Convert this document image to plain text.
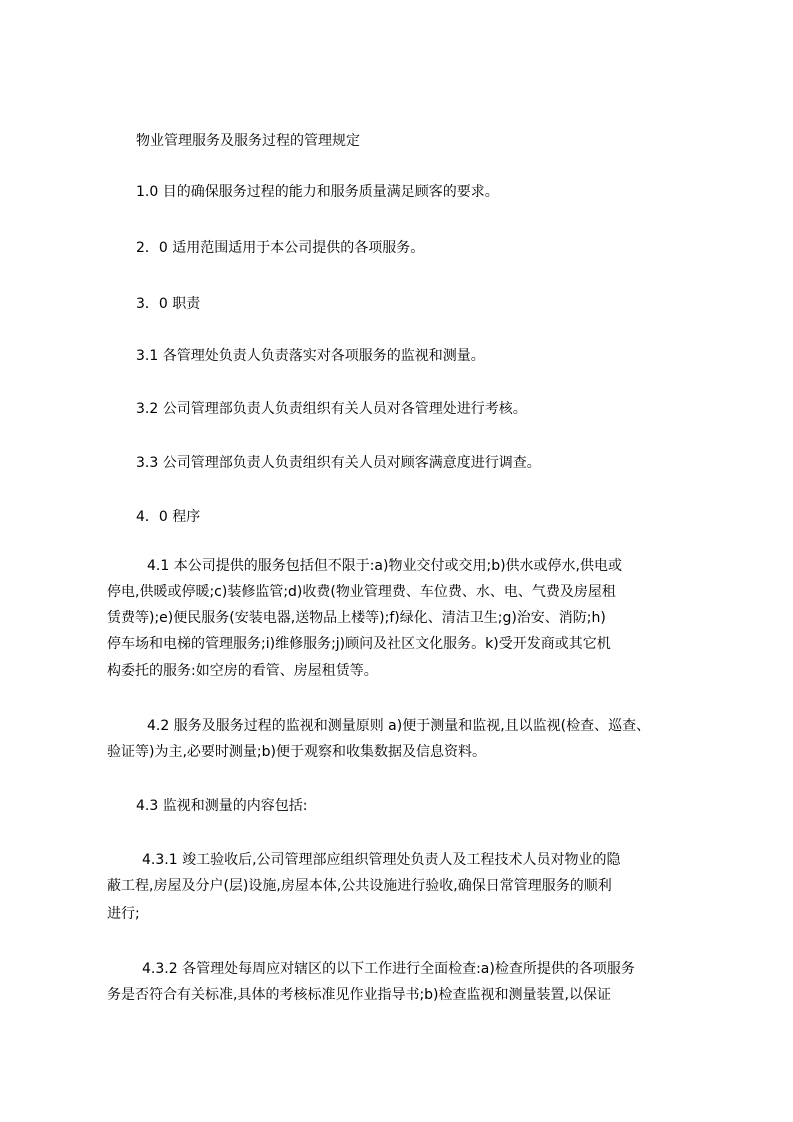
物业管理服务及服务过程的管理规定
1.0 目的确保服务过程的能力和服务质量满足顾客的要求。
2．0 适用范围适用于本公司提供的各项服务。
3．0 职责
3.1 各管理处负责人负责落实对各项服务的监视和测量。
3.2 公司管理部负责人负责组织有关人员对各管理处进行考核。
3.3 公司管理部负责人负责组织有关人员对顾客满意度进行调查。
4．0 程序
4.1 本公司提供的服务包括但不限于:a)物业交付或交用;b)供水或停水,供电或
停电,供暖或停暖;c)装修监管;d)收费(物业管理费、车位费、水、电、气费及房屋租
赁费等);e)便民服务(安装电器,送物品上楼等);f)绿化、清洁卫生;g)治安、消防;h)
停车场和电梯的管理服务;i)维修服务;j)顾问及社区文化服务。k)受开发商或其它机
构委托的服务:如空房的看管、房屋租赁等。
4.2 服务及服务过程的监视和测量原则 a)便于测量和监视,且以监视(检查、巡查、
验证等)为主,必要时测量;b)便于观察和收集数据及信息资料。
4.3 监视和测量的内容包括:
4.3.1 竣工验收后,公司管理部应组织管理处负责人及工程技术人员对物业的隐
蔽工程,房屋及分户(层)设施,房屋本体,公共设施进行验收,确保日常管理服务的顺利
进行;
4.3.2 各管理处每周应对辖区的以下工作进行全面检查:a)检查所提供的各项服务
务是否符合有关标准,具体的考核标准见作业指导书;b)检查监视和测量装置,以保证
